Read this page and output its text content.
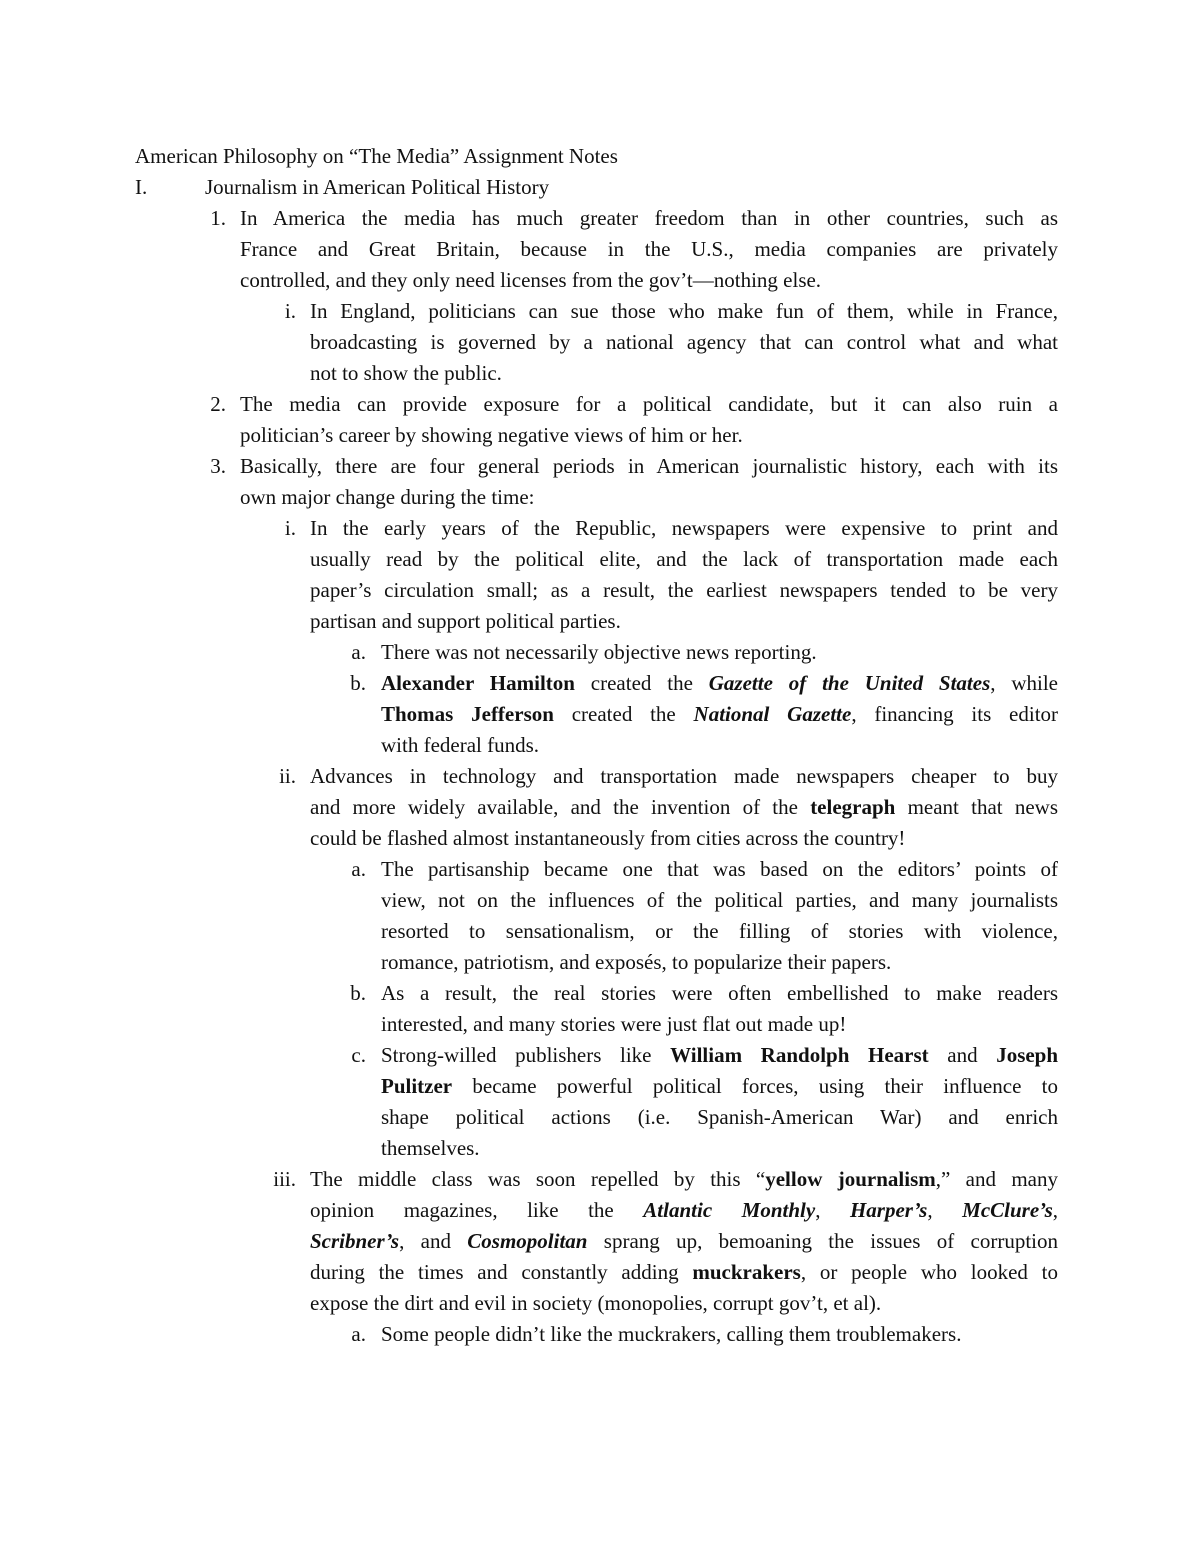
American Philosophy on “The Media” Assignment Notes
I.	Journalism in American Political History
1. In America the media has much greater freedom than in other countries, such as
France and Great Britain, because in the U.S., media companies are privately
controlled, and they only need licenses from the gov’t—nothing else.
i. In England, politicians can sue those who make fun of them, while in France,
broadcasting is governed by a national agency that can control what and what
not to show the public.
2. The media can provide exposure for a political candidate, but it can also ruin a
politician’s career by showing negative views of him or her.
3. Basically, there are four general periods in American journalistic history, each with its
own major change during the time:
i. In the early years of the Republic, newspapers were expensive to print and
usually read by the political elite, and the lack of transportation made each
paper’s circulation small; as a result, the earliest newspapers tended to be very
partisan and support political parties.
a. There was not necessarily objective news reporting.
b. Alexander Hamilton created the Gazette of the United States, while
Thomas Jefferson created the National Gazette, financing its editor
with federal funds.
ii. Advances in technology and transportation made newspapers cheaper to buy
and more widely available, and the invention of the telegraph meant that news
could be flashed almost instantaneously from cities across the country!
a. The partisanship became one that was based on the editors’ points of
view, not on the influences of the political parties, and many journalists
resorted to sensationalism, or the filling of stories with violence,
romance, patriotism, and exposés, to popularize their papers.
b. As a result, the real stories were often embellished to make readers
interested, and many stories were just flat out made up!
c. Strong-willed publishers like William Randolph Hearst and Joseph
Pulitzer became powerful political forces, using their influence to
shape political actions (i.e. Spanish-American War) and enrich
themselves.
iii. The middle class was soon repelled by this “yellow journalism,” and many
opinion magazines, like the Atlantic Monthly, Harper’s, McClure’s,
Scribner’s, and Cosmopolitan sprang up, bemoaning the issues of corruption
during the times and constantly adding muckrakers, or people who looked to
expose the dirt and evil in society (monopolies, corrupt gov’t, et al).
a. Some people didn’t like the muckrakers, calling them troublemakers.
